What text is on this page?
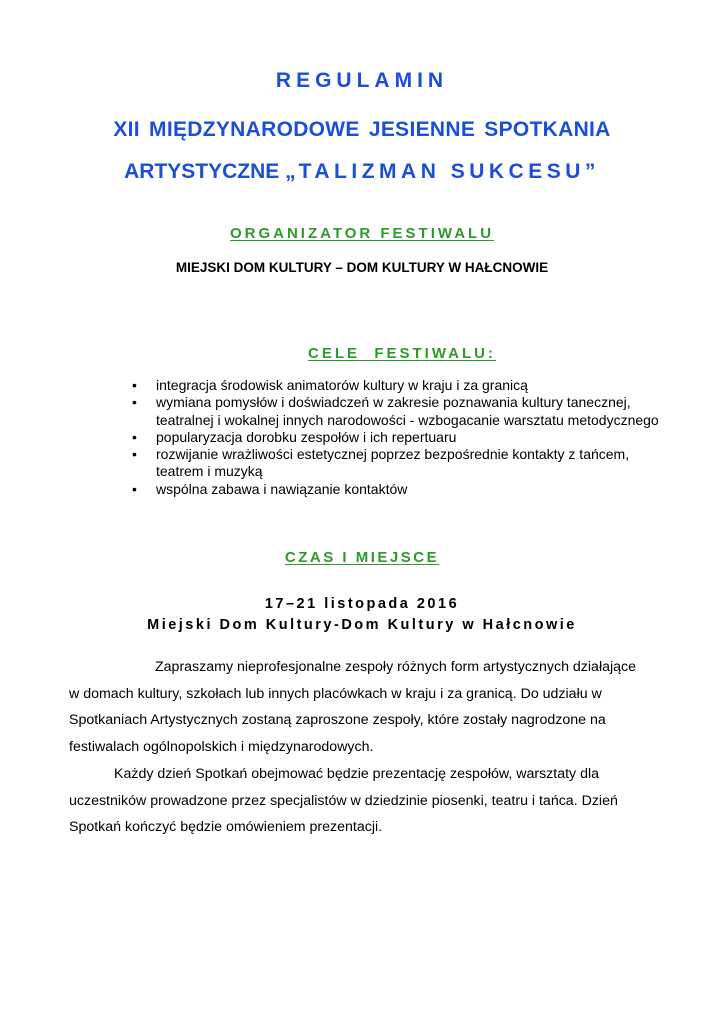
REGULAMIN
XII MIĘDZYNARODOWE JESIENNE SPOTKANIA
ARTYSTYCZNE „ TALIZMAN SUKCESU”
ORGANIZATOR FESTIWALU
MIEJSKI DOM KULTURY – DOM KULTURY W HAŁCNOWIE
CELE  FESTIWALU:
• integracja środowisk animatorów kultury w kraju i za granicą
• wymiana pomysłów i doświadczeń w zakresie poznawania kultury tanecznej, teatralnej i wokalnej innych narodowości - wzbogacanie warsztatu metodycznego
• popularyzacja dorobku zespołów i ich repertuaru
• rozwijanie wrażliwości estetycznej poprzez bezpośrednie kontakty z tańcem, teatrem i muzyką
• wspólna zabawa i nawiązanie kontaktów
CZAS I MIEJSCE
17–21 listopada 2016
Miejski Dom Kultury-Dom Kultury w Hałcnowie
Zapraszamy nieprofesjonalne zespoły różnych form artystycznych działające
w domach kultury, szkołach lub innych placówkach w kraju i za granicą. Do udziału w
Spotkaniach Artystycznych zostaną zaproszone zespoły, które zostały nagrodzone na
festiwalach ogólnopolskich i międzynarodowych.
Każdy dzień Spotkań obejmować będzie prezentację zespołów, warsztaty dla
uczestników prowadzone przez specjalistów w dziedzinie piosenki, teatru i tańca. Dzień
Spotkań kończyć będzie omówieniem prezentacji.
